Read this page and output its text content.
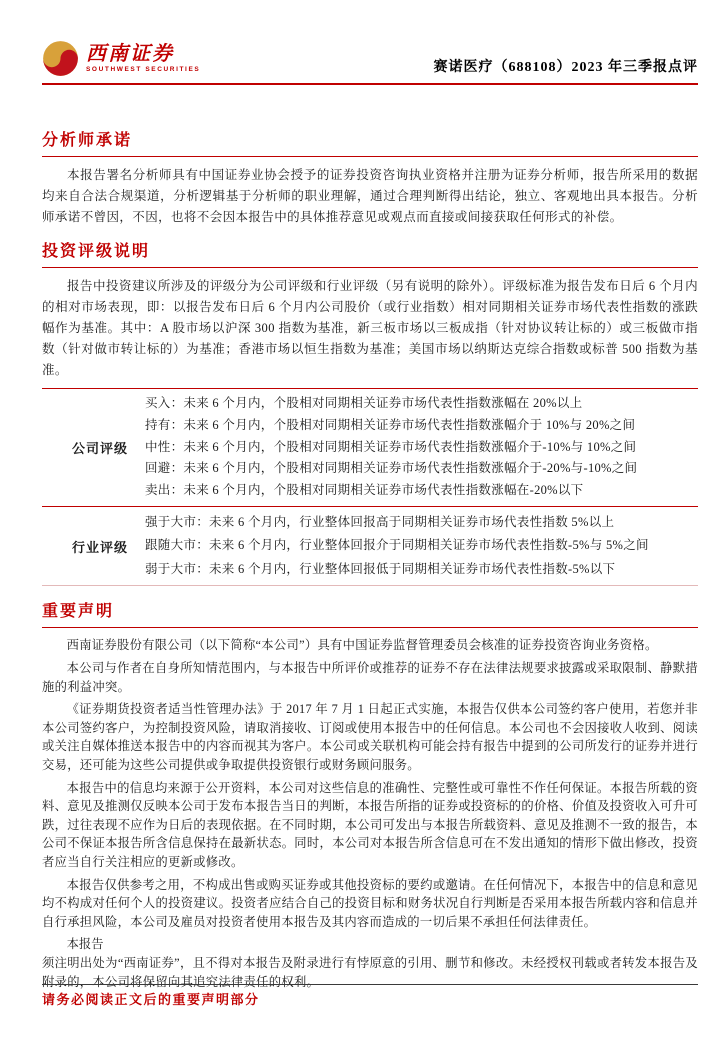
西南证券
SOUTHWEST SECURITIES	赛诺医疗（688108）2023 年三季报点评
分析师承诺

本报告署名分析师具有中国证券业协会授予的证券投资咨询执业资格并注册为证券分析师，报告所采用的数据均来自合法合规渠道，分析逻辑基于分析师的职业理解，通过合理判断得出结论，独立、客观地出具本报告。分析师承诺不曾因，不因，也将不会因本报告中的具体推荐意见或观点而直接或间接获取任何形式的补偿。

投资评级说明

报告中投资建议所涉及的评级分为公司评级和行业评级（另有说明的除外）。评级标准为报告发布日后 6 个月内的相对市场表现，即：以报告发布日后 6 个月内公司股价（或行业指数）相对同期相关证券市场代表性指数的涨跌幅作为基准。其中：A 股市场以沪深 300 指数为基准，新三板市场以三板成指（针对协议转让标的）或三板做市指数（针对做市转让标的）为基准；香港市场以恒生指数为基准；美国市场以纳斯达克综合指数或标普 500 指数为基准。

公司评级
买入：未来 6 个月内，个股相对同期相关证券市场代表性指数涨幅在 20%以上
持有：未来 6 个月内，个股相对同期相关证券市场代表性指数涨幅介于 10%与 20%之间
中性：未来 6 个月内，个股相对同期相关证券市场代表性指数涨幅介于-10%与 10%之间
回避：未来 6 个月内，个股相对同期相关证券市场代表性指数涨幅介于-20%与-10%之间
卖出：未来 6 个月内，个股相对同期相关证券市场代表性指数涨幅在-20%以下
行业评级
强于大市：未来 6 个月内，行业整体回报高于同期相关证券市场代表性指数 5%以上
跟随大市：未来 6 个月内，行业整体回报介于同期相关证券市场代表性指数-5%与 5%之间
弱于大市：未来 6 个月内，行业整体回报低于同期相关证券市场代表性指数-5%以下
重要声明

西南证券股份有限公司（以下简称“本公司”）具有中国证券监督管理委员会核准的证券投资咨询业务资格。

本公司与作者在自身所知情范围内，与本报告中所评价或推荐的证券不存在法律法规要求披露或采取限制、静默措施的利益冲突。

《证券期货投资者适当性管理办法》于 2017 年 7 月 1 日起正式实施，本报告仅供本公司签约客户使用，若您并非本公司签约客户，为控制投资风险，请取消接收、订阅或使用本报告中的任何信息。本公司也不会因接收人收到、阅读或关注自媒体推送本报告中的内容而视其为客户。本公司或关联机构可能会持有报告中提到的公司所发行的证券并进行交易，还可能为这些公司提供或争取提供投资银行或财务顾问服务。

本报告中的信息均来源于公开资料，本公司对这些信息的准确性、完整性或可靠性不作任何保证。本报告所载的资料、意见及推测仅反映本公司于发布本报告当日的判断，本报告所指的证券或投资标的的价格、价值及投资收入可升可跌，过往表现不应作为日后的表现依据。在不同时期，本公司可发出与本报告所载资料、意见及推测不一致的报告，本公司不保证本报告所含信息保持在最新状态。同时，本公司对本报告所含信息可在不发出通知的情形下做出修改，投资者应当自行关注相应的更新或修改。

本报告仅供参考之用，不构成出售或购买证券或其他投资标的要约或邀请。在任何情况下，本报告中的信息和意见均不构成对任何个人的投资建议。投资者应结合自己的投资目标和财务状况自行判断是否采用本报告所载内容和信息并自行承担风险，本公司及雇员对投资者使用本报告及其内容而造成的一切后果不承担任何法律责任。

本报告

须注明出处为“西南证券”，且不得对本报告及附录进行有悖原意的引用、删节和修改。未经授权刊载或者转发本报告及附录的，本公司将保留向其追究法律责任的权利。

请务必阅读正文后的重要声明部分
